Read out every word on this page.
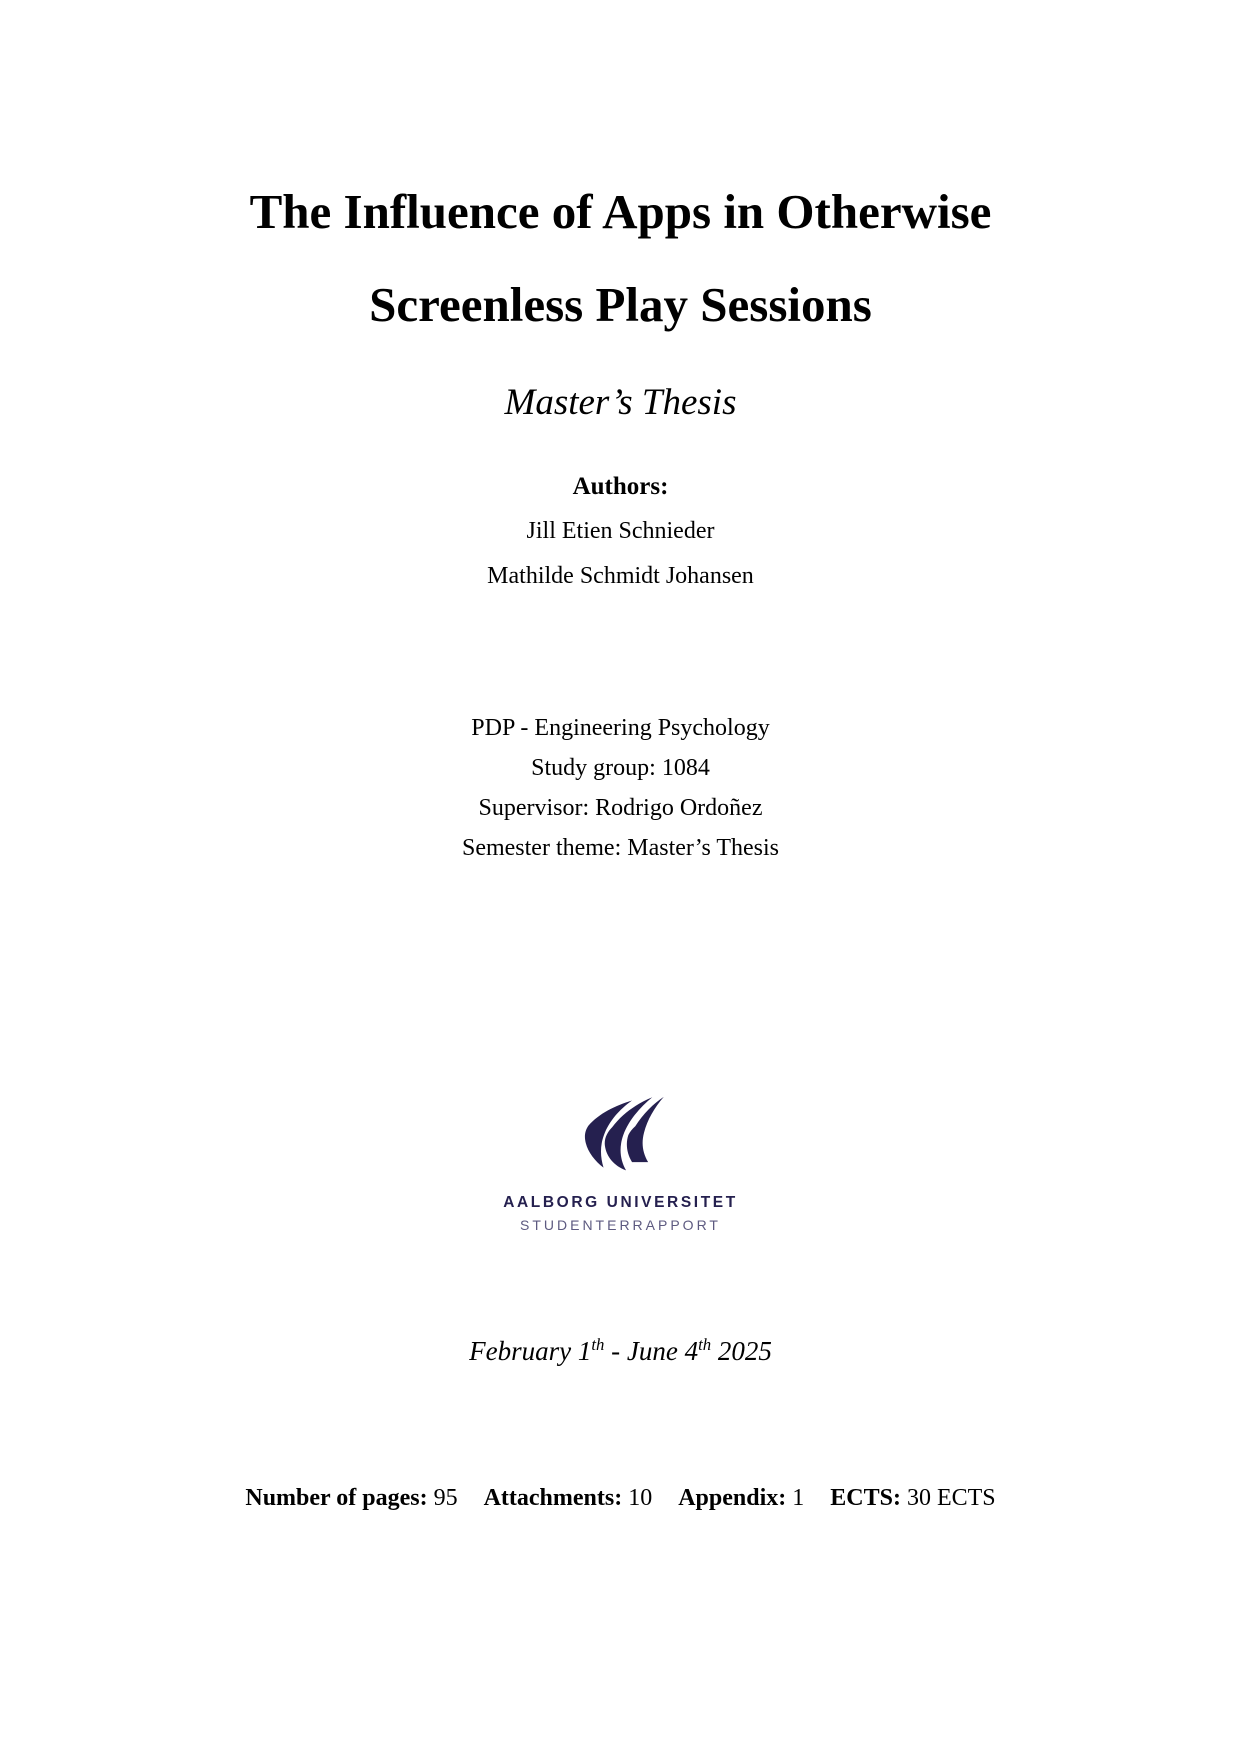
The Influence of Apps in Otherwise
Screenless Play Sessions
Master’s Thesis
Authors:
Jill Etien Schnieder
Mathilde Schmidt Johansen
PDP - Engineering Psychology
Study group: 1084
Supervisor: Rodrigo Ordoñez
Semester theme: Master’s Thesis
AALBORG UNIVERSITET
STUDENTERRAPPORT
February 1th - June 4th 2025
Number of pages: 95 Attachments: 10 Appendix: 1 ECTS: 30 ECTS
